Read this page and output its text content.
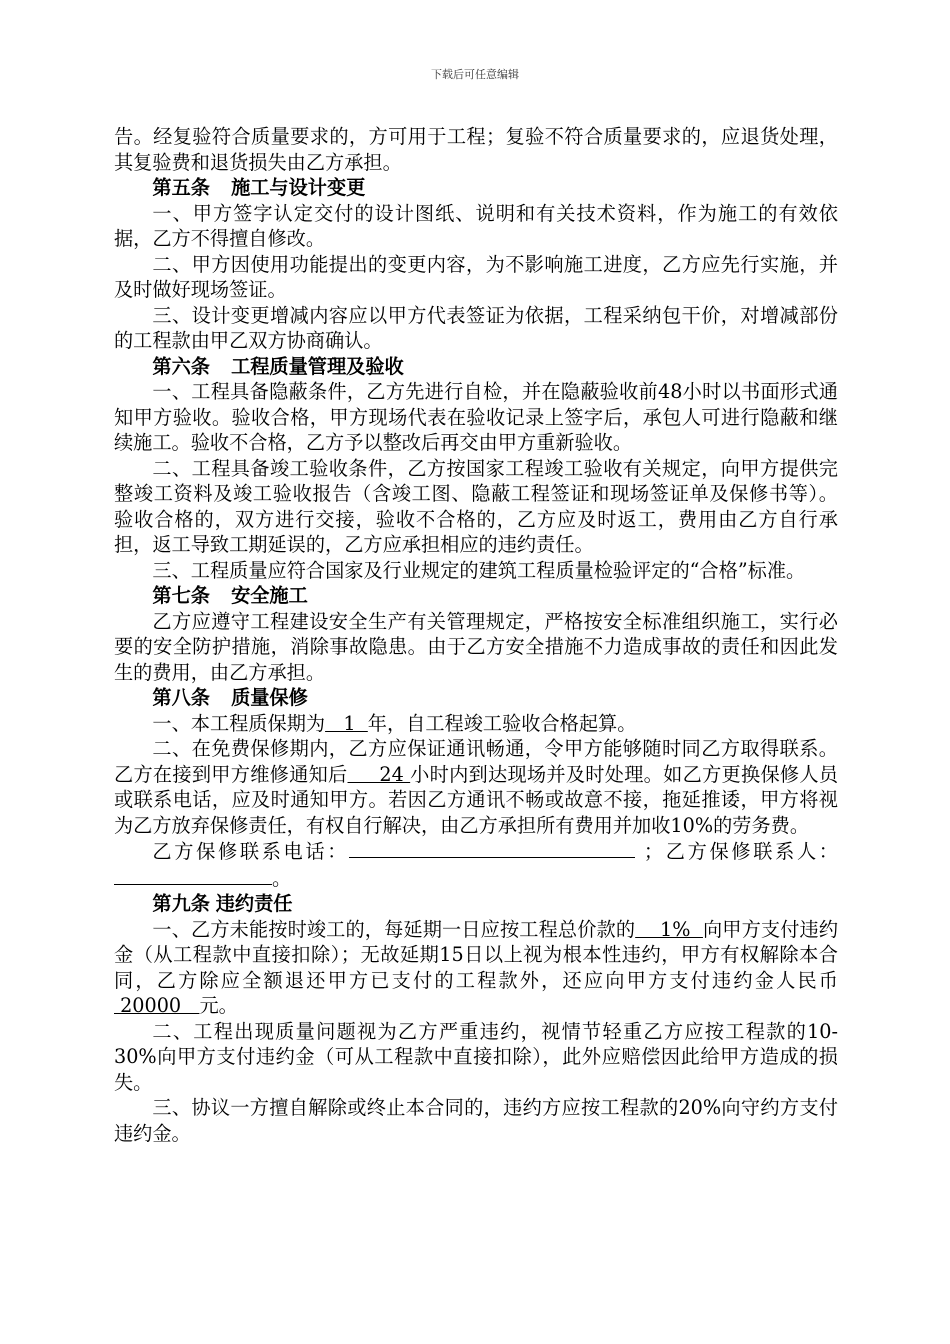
下载后可任意编辑

告。经复验符合质量要求的，方可用于工程；复验不符合质量要求的，应退货处理，其复验费和退货损失由乙方承担。

第五条 施工与设计变更

一、甲方签字认定交付的设计图纸、说明和有关技术资料，作为施工的有效依据，乙方不得擅自修改。

二、甲方因使用功能提出的变更内容，为不影响施工进度，乙方应先行实施，并及时做好现场签证。

三、设计变更增减内容应以甲方代表签证为依据，工程采纳包干价，对增减部份的工程款由甲乙双方协商确认。

第六条 工程质量管理及验收

一、工程具备隐蔽条件，乙方先进行自检，并在隐蔽验收前48小时以书面形式通知甲方验收。验收合格，甲方现场代表在验收记录上签字后，承包人可进行隐蔽和继续施工。验收不合格，乙方予以整改后再交由甲方重新验收。

二、工程具备竣工验收条件，乙方按国家工程竣工验收有关规定，向甲方提供完整竣工资料及竣工验收报告（含竣工图、隐蔽工程签证和现场签证单及保修书等）。 验收合格的，双方进行交接，验收不合格的，乙方应及时返工，费用由乙方自行承担，返工导致工期延误的，乙方应承担相应的违约责任。

三、工程质量应符合国家及行业规定的建筑工程质量检验评定的“合格”标准。

第七条 安全施工

乙方应遵守工程建设安全生产有关管理规定，严格按安全标准组织施工，实行必要的安全防护措施，消除事故隐患。由于乙方安全措施不力造成事故的责任和因此发生的费用，由乙方承担。

第八条 质量保修

一、本工程质保期为   1  年，自工程竣工验收合格起算。

二、在免费保修期内，乙方应保证通讯畅通，令甲方能够随时同乙方取得联系。乙方在接到甲方维修通知后     24 小时内到达现场并及时处理。如乙方更换保修人员或联系电话，应及时通知甲方。若因乙方通讯不畅或故意不接，拖延推诿，甲方将视为乙方放弃保修责任，有权自行解决，由乙方承担所有费用并加收10%的劳务费。

乙方保修联系电话：	；乙方保修联系人：。

第九条 违约责任

一、乙方未能按时竣工的，每延期一日应按工程总价款的    1%  向甲方支付违约金（从工程款中直接扣除）；无故延期15日以上视为根本性违约，甲方有权解除本合同，乙方除应全额退还甲方已支付的工程款外，还应向甲方支付违约金人民币 20000   元。

二、工程出现质量问题视为乙方严重违约，视情节轻重乙方应按工程款的10-30%向甲方支付违约金（可从工程款中直接扣除），此外应赔偿因此给甲方造成的损失。

三、协议一方擅自解除或终止本合同的，违约方应按工程款的20%向守约方支付违约金。
